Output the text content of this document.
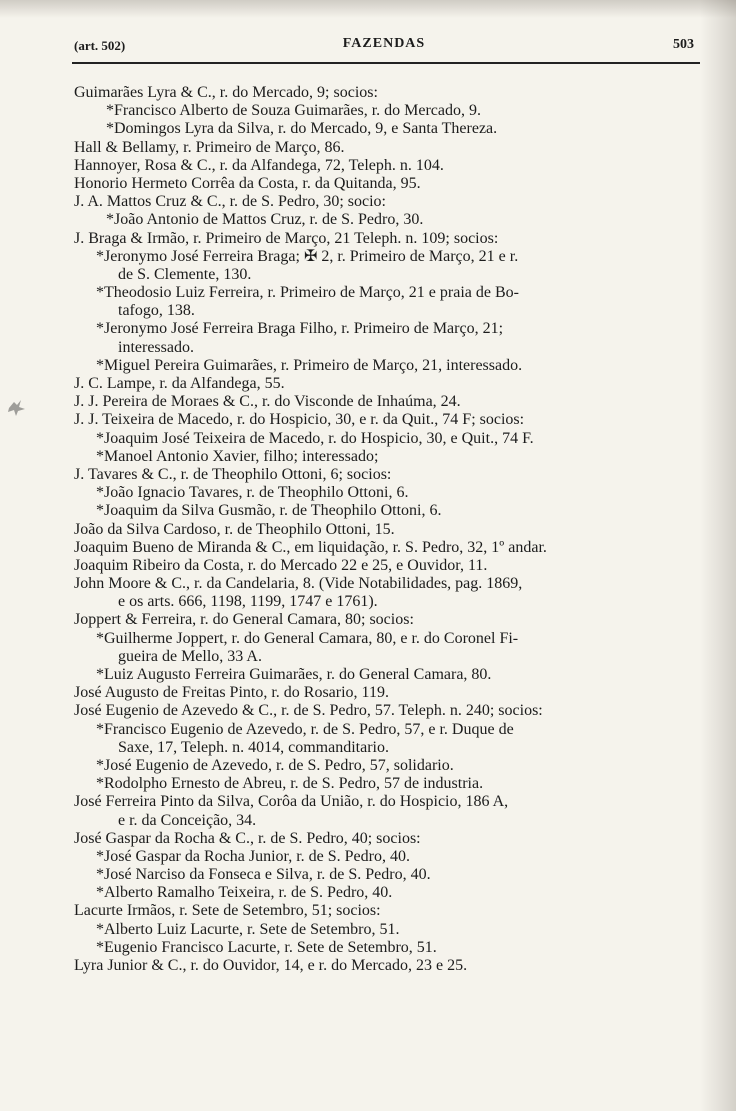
(art. 502)	FAZENDAS	503
Guimarães Lyra & C., r. do Mercado, 9; socios:
*Francisco Alberto de Souza Guimarães, r. do Mercado, 9.
*Domingos Lyra da Silva, r. do Mercado, 9, e Santa Thereza.
Hall & Bellamy, r. Primeiro de Março, 86.
Hannoyer, Rosa & C., r. da Alfandega, 72, Teleph. n. 104.
Honorio Hermeto Corrêa da Costa, r. da Quitanda, 95.
J. A. Mattos Cruz & C., r. de S. Pedro, 30; socio:
*João Antonio de Mattos Cruz, r. de S. Pedro, 30.
J. Braga & Irmão, r. Primeiro de Março, 21 Teleph. n. 109; socios:
*Jeronymo José Ferreira Braga; ✠ 2, r. Primeiro de Março, 21 e r.
de S. Clemente, 130.
*Theodosio Luiz Ferreira, r. Primeiro de Março, 21 e praia de Bo-
tafogo, 138.
*Jeronymo José Ferreira Braga Filho, r. Primeiro de Março, 21;
interessado.
*Miguel Pereira Guimarães, r. Primeiro de Março, 21, interessado.
J. C. Lampe, r. da Alfandega, 55.
J. J. Pereira de Moraes & C., r. do Visconde de Inhaúma, 24.
J. J. Teixeira de Macedo, r. do Hospicio, 30, e r. da Quit., 74 F; socios:
*Joaquim José Teixeira de Macedo, r. do Hospicio, 30, e Quit., 74 F.
*Manoel Antonio Xavier, filho; interessado;
J. Tavares & C., r. de Theophilo Ottoni, 6; socios:
*João Ignacio Tavares, r. de Theophilo Ottoni, 6.
*Joaquim da Silva Gusmão, r. de Theophilo Ottoni, 6.
João da Silva Cardoso, r. de Theophilo Ottoni, 15.
Joaquim Bueno de Miranda & C., em liquidação, r. S. Pedro, 32, 1º andar.
Joaquim Ribeiro da Costa, r. do Mercado 22 e 25, e Ouvidor, 11.
John Moore & C., r. da Candelaria, 8. (Vide Notabilidades, pag. 1869,
e os arts. 666, 1198, 1199, 1747 e 1761).
Joppert & Ferreira, r. do General Camara, 80; socios:
*Guilherme Joppert, r. do General Camara, 80, e r. do Coronel Fi-
gueira de Mello, 33 A.
*Luiz Augusto Ferreira Guimarães, r. do General Camara, 80.
José Augusto de Freitas Pinto, r. do Rosario, 119.
José Eugenio de Azevedo & C., r. de S. Pedro, 57. Teleph. n. 240; socios:
*Francisco Eugenio de Azevedo, r. de S. Pedro, 57, e r. Duque de
Saxe, 17, Teleph. n. 4014, commanditario.
*José Eugenio de Azevedo, r. de S. Pedro, 57, solidario.
*Rodolpho Ernesto de Abreu, r. de S. Pedro, 57 de industria.
José Ferreira Pinto da Silva, Corôa da União, r. do Hospicio, 186 A,
e r. da Conceição, 34.
José Gaspar da Rocha & C., r. de S. Pedro, 40; socios:
*José Gaspar da Rocha Junior, r. de S. Pedro, 40.
*José Narciso da Fonseca e Silva, r. de S. Pedro, 40.
*Alberto Ramalho Teixeira, r. de S. Pedro, 40.
Lacurte Irmãos, r. Sete de Setembro, 51; socios:
*Alberto Luiz Lacurte, r. Sete de Setembro, 51.
*Eugenio Francisco Lacurte, r. Sete de Setembro, 51.
Lyra Junior & C., r. do Ouvidor, 14, e r. do Mercado, 23 e 25.
